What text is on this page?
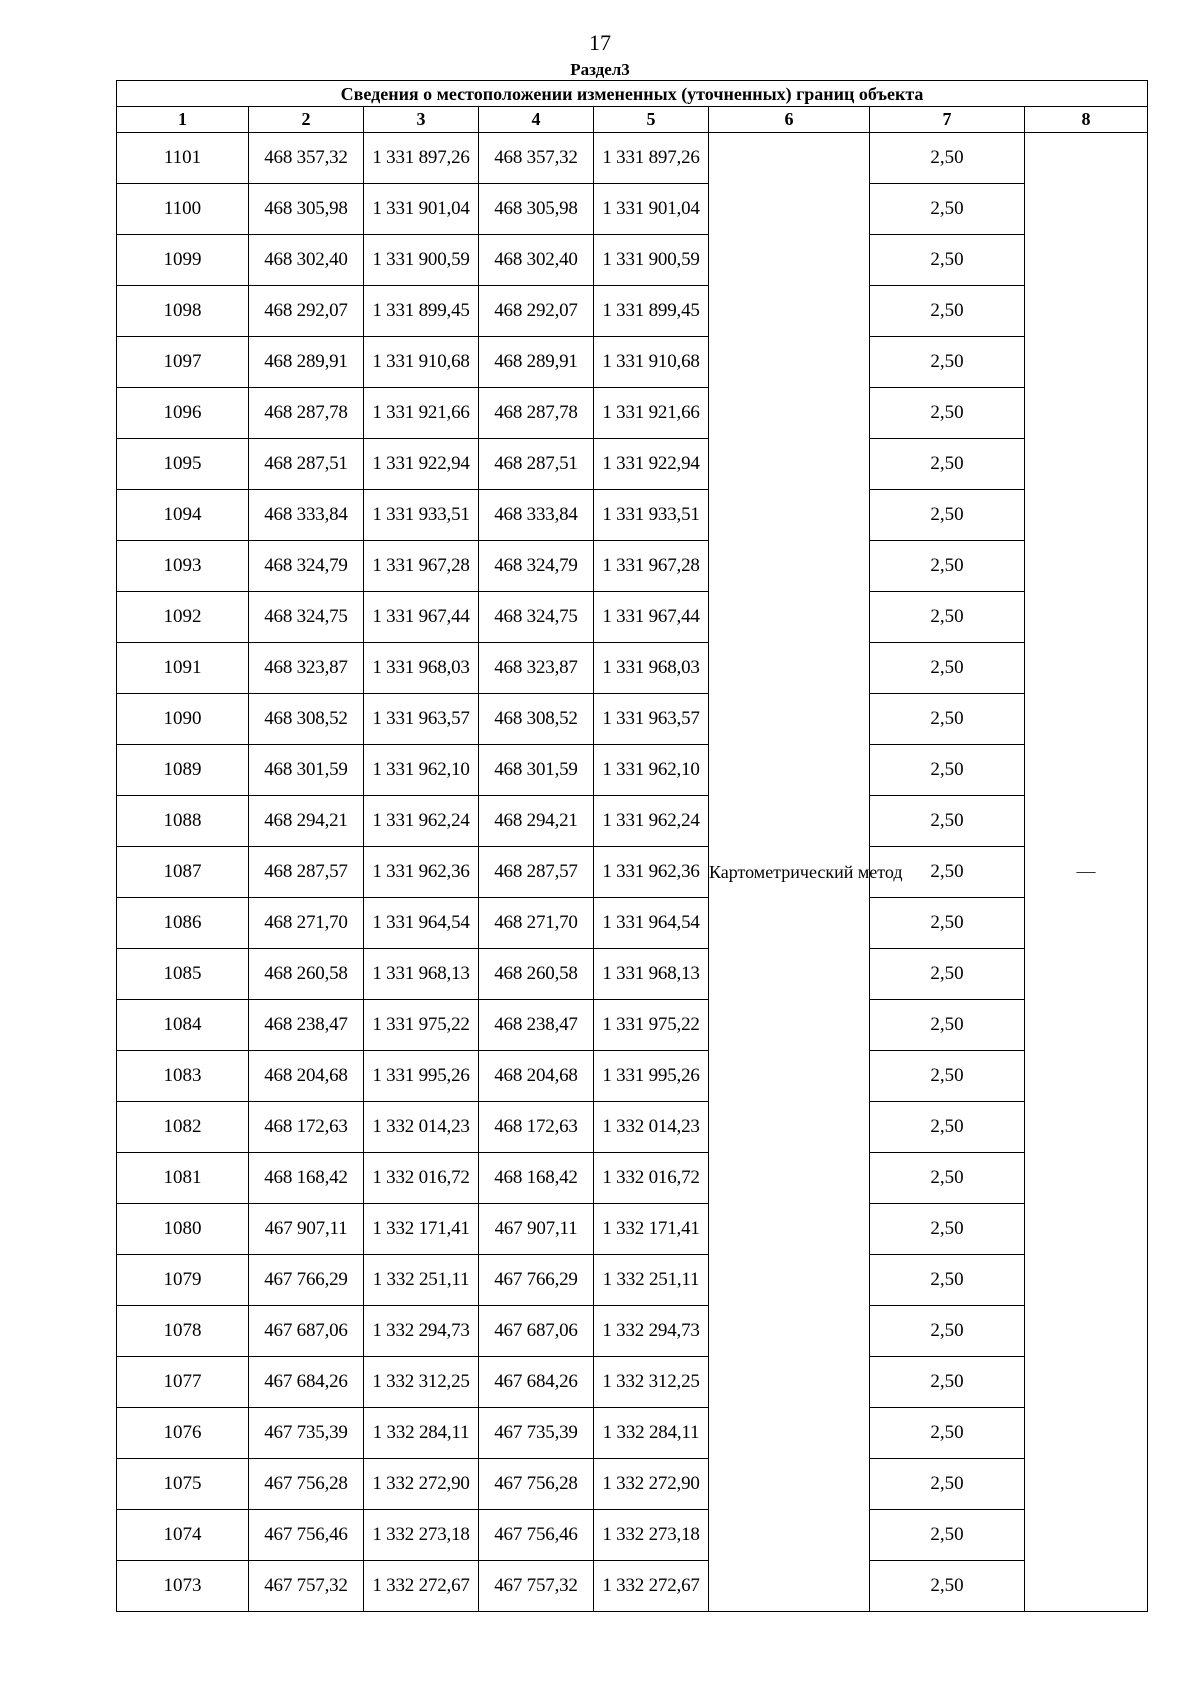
17
Раздел3
Сведения о местоположении измененных (уточненных) границ объекта							
1	2	3	4	5	6	7	8
1101	468 357,32	1 331 897,26	468 357,32	1 331 897,26	Картометрический метод	2,50	—
1100	468 305,98	1 331 901,04	468 305,98	1 331 901,04		2,50	
1099	468 302,40	1 331 900,59	468 302,40	1 331 900,59		2,50	
1098	468 292,07	1 331 899,45	468 292,07	1 331 899,45		2,50	
1097	468 289,91	1 331 910,68	468 289,91	1 331 910,68		2,50	
1096	468 287,78	1 331 921,66	468 287,78	1 331 921,66		2,50	
1095	468 287,51	1 331 922,94	468 287,51	1 331 922,94		2,50	
1094	468 333,84	1 331 933,51	468 333,84	1 331 933,51		2,50	
1093	468 324,79	1 331 967,28	468 324,79	1 331 967,28		2,50	
1092	468 324,75	1 331 967,44	468 324,75	1 331 967,44		2,50	
1091	468 323,87	1 331 968,03	468 323,87	1 331 968,03		2,50	
1090	468 308,52	1 331 963,57	468 308,52	1 331 963,57		2,50	
1089	468 301,59	1 331 962,10	468 301,59	1 331 962,10		2,50	
1088	468 294,21	1 331 962,24	468 294,21	1 331 962,24		2,50	
1087	468 287,57	1 331 962,36	468 287,57	1 331 962,36		2,50	
1086	468 271,70	1 331 964,54	468 271,70	1 331 964,54		2,50	
1085	468 260,58	1 331 968,13	468 260,58	1 331 968,13		2,50	
1084	468 238,47	1 331 975,22	468 238,47	1 331 975,22		2,50	
1083	468 204,68	1 331 995,26	468 204,68	1 331 995,26		2,50	
1082	468 172,63	1 332 014,23	468 172,63	1 332 014,23		2,50	
1081	468 168,42	1 332 016,72	468 168,42	1 332 016,72		2,50	
1080	467 907,11	1 332 171,41	467 907,11	1 332 171,41		2,50	
1079	467 766,29	1 332 251,11	467 766,29	1 332 251,11		2,50	
1078	467 687,06	1 332 294,73	467 687,06	1 332 294,73		2,50	
1077	467 684,26	1 332 312,25	467 684,26	1 332 312,25		2,50	
1076	467 735,39	1 332 284,11	467 735,39	1 332 284,11		2,50	
1075	467 756,28	1 332 272,90	467 756,28	1 332 272,90		2,50	
1074	467 756,46	1 332 273,18	467 756,46	1 332 273,18		2,50	
1073	467 757,32	1 332 272,67	467 757,32	1 332 272,67		2,50	
